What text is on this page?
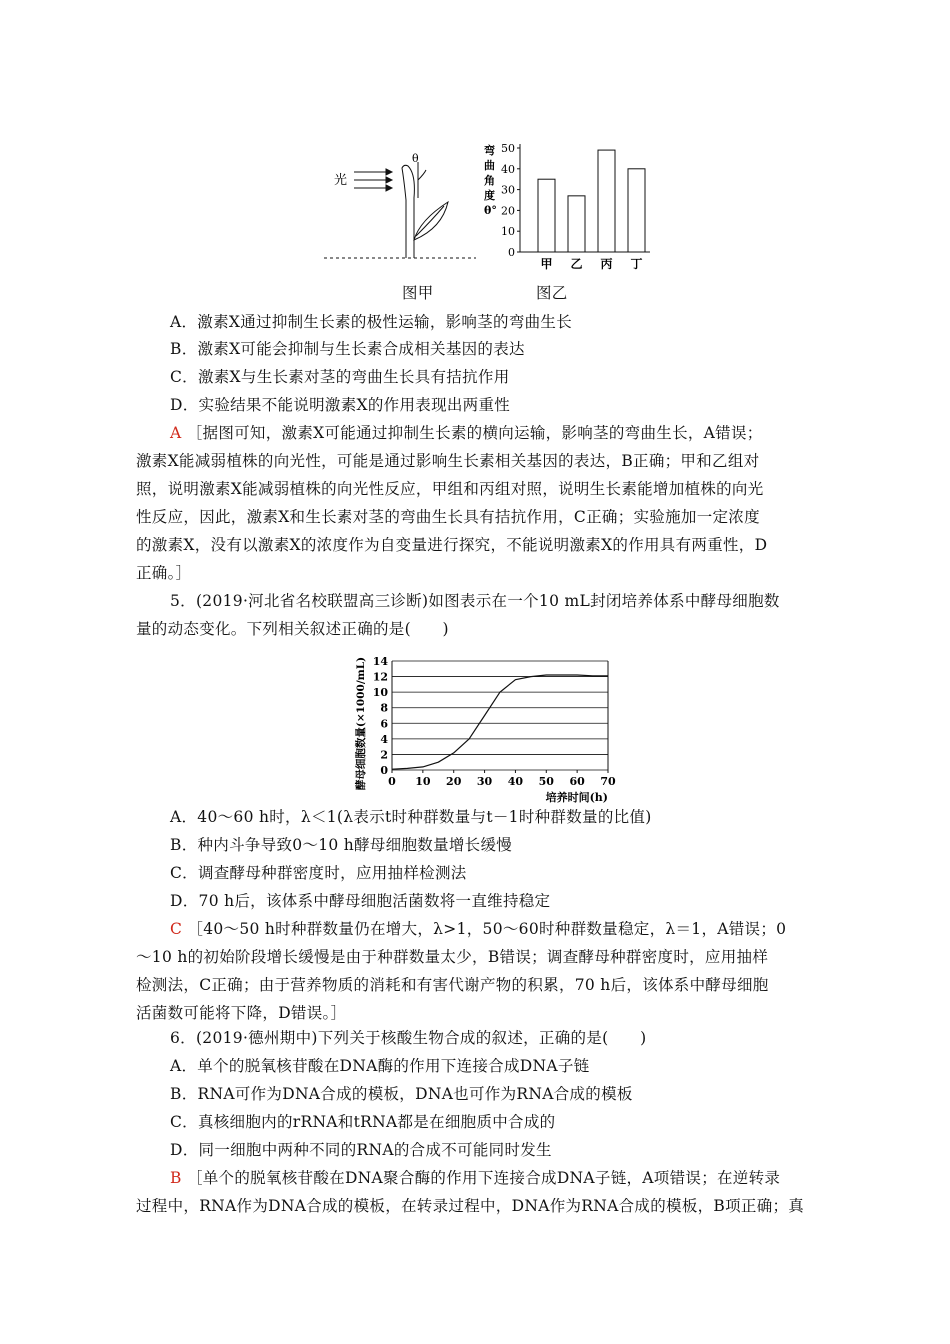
光
θ
弯
曲
角
度
θ°
0
10
20
30
40
50
甲 乙 丙 丁
图甲	图乙
A．激素X通过抑制生长素的极性运输，影响茎的弯曲生长
B．激素X可能会抑制与生长素合成相关基因的表达
C．激素X与生长素对茎的弯曲生长具有拮抗作用
D．实验结果不能说明激素X的作用表现出两重性
A ［据图可知，激素X可能通过抑制生长素的横向运输，影响茎的弯曲生长，A错误；
激素X能减弱植株的向光性，可能是通过影响生长素相关基因的表达，B正确；甲和乙组对
照，说明激素X能减弱植株的向光性反应，甲组和丙组对照，说明生长素能增加植株的向光
性反应，因此，激素X和生长素对茎的弯曲生长具有拮抗作用，C正确；实验施加一定浓度
的激素X，没有以激素X的浓度作为自变量进行探究，不能说明激素X的作用具有两重性，D
正确。］
5．(2019·河北省名校联盟高三诊断)如图表示在一个10 mL封闭培养体系中酵母细胞数
量的动态变化。下列相关叙述正确的是(　　)
酵母细胞数量(×1000/mL) 0
2
4
6
8
10
12
14
0 10 20 30 40 50 60 70
培养时间(h)
A．40～60 h时，λ＜1(λ表示t时种群数量与t－1时种群数量的比值)
B．种内斗争导致0～10 h酵母细胞数量增长缓慢
C．调查酵母种群密度时，应用抽样检测法
D．70 h后，该体系中酵母细胞活菌数将一直维持稳定
C ［40～50 h时种群数量仍在增大，λ>1，50～60时种群数量稳定，λ＝1，A错误；0
～10 h的初始阶段增长缓慢是由于种群数量太少，B错误；调查酵母种群密度时，应用抽样
检测法，C正确；由于营养物质的消耗和有害代谢产物的积累，70 h后，该体系中酵母细胞
活菌数可能将下降，D错误。］
6．(2019·德州期中)下列关于核酸生物合成的叙述，正确的是(　　)
A．单个的脱氧核苷酸在DNA酶的作用下连接合成DNA子链
B．RNA可作为DNA合成的模板，DNA也可作为RNA合成的模板
C．真核细胞内的rRNA和tRNA都是在细胞质中合成的
D．同一细胞中两种不同的RNA的合成不可能同时发生
B ［单个的脱氧核苷酸在DNA聚合酶的作用下连接合成DNA子链，A项错误；在逆转录
过程中，RNA作为DNA合成的模板，在转录过程中，DNA作为RNA合成的模板，B项正确；真
